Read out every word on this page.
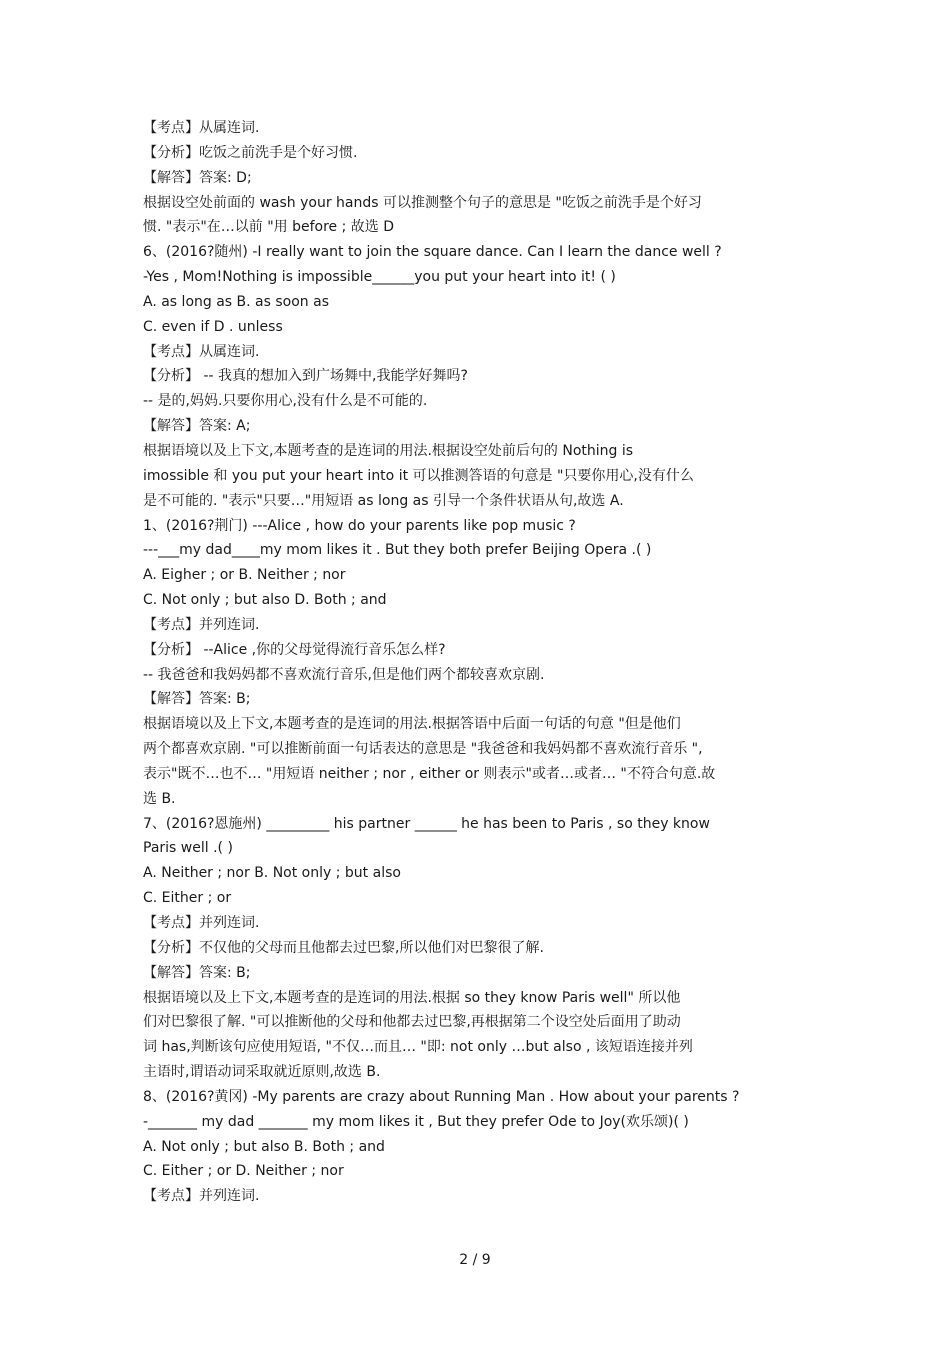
【考点】从属连词.
【分析】吃饭之前洗手是个好习惯.
【解答】答案: D;
根据设空处前面的 wash your hands 可以推测整个句子的意思是 "吃饭之前洗手是个好习
惯. "表示"在…以前 "用 before ; 故选 D
6、(2016?随州) -I really want to join the square dance. Can I learn the dance well ?
-Yes , Mom!Nothing is impossible______you put your heart into it! ( )
A. as long as B. as soon as
C. even if D . unless
【考点】从属连词.
【分析】 -- 我真的想加入到广场舞中,我能学好舞吗?
-- 是的,妈妈.只要你用心,没有什么是不可能的.
【解答】答案: A;
根据语境以及上下文,本题考查的是连词的用法.根据设空处前后句的 Nothing is
imossible 和 you put your heart into it 可以推测答语的句意是 "只要你用心,没有什么
是不可能的. "表示"只要…"用短语 as long as 引导一个条件状语从句,故选 A.
1、(2016?荆门) ---Alice , how do your parents like pop music ?
---___my dad____my mom likes it . But they both prefer Beijing Opera .( )
A. Eigher ; or B. Neither ; nor
C. Not only ; but also D. Both ; and
【考点】并列连词.
【分析】 --Alice ,你的父母觉得流行音乐怎么样?
-- 我爸爸和我妈妈都不喜欢流行音乐,但是他们两个都较喜欢京剧.
【解答】答案: B;
根据语境以及上下文,本题考查的是连词的用法.根据答语中后面一句话的句意 "但是他们
两个都喜欢京剧. "可以推断前面一句话表达的意思是 "我爸爸和我妈妈都不喜欢流行音乐 ",
表示"既不…也不… "用短语 neither ; nor , either or 则表示"或者…或者… "不符合句意.故
选 B.
7、(2016?恩施州) _________ his partner ______ he has been to Paris , so they know
Paris well .( )
A. Neither ; nor B. Not only ; but also
C. Either ; or
【考点】并列连词.
【分析】不仅他的父母而且他都去过巴黎,所以他们对巴黎很了解.
【解答】答案: B;
根据语境以及上下文,本题考查的是连词的用法.根据 so they know Paris well" 所以他
们对巴黎很了解. "可以推断他的父母和他都去过巴黎,再根据第二个设空处后面用了助动
词 has,判断该句应使用短语, "不仅…而且… "即: not only …but also , 该短语连接并列
主语时,谓语动词采取就近原则,故选 B.
8、(2016?黄冈) -My parents are crazy about Running Man . How about your parents ?
-_______ my dad _______ my mom likes it , But they prefer Ode to Joy(欢乐颂)( )
A. Not only ; but also B. Both ; and
C. Either ; or D. Neither ; nor
【考点】并列连词.
2 / 9
